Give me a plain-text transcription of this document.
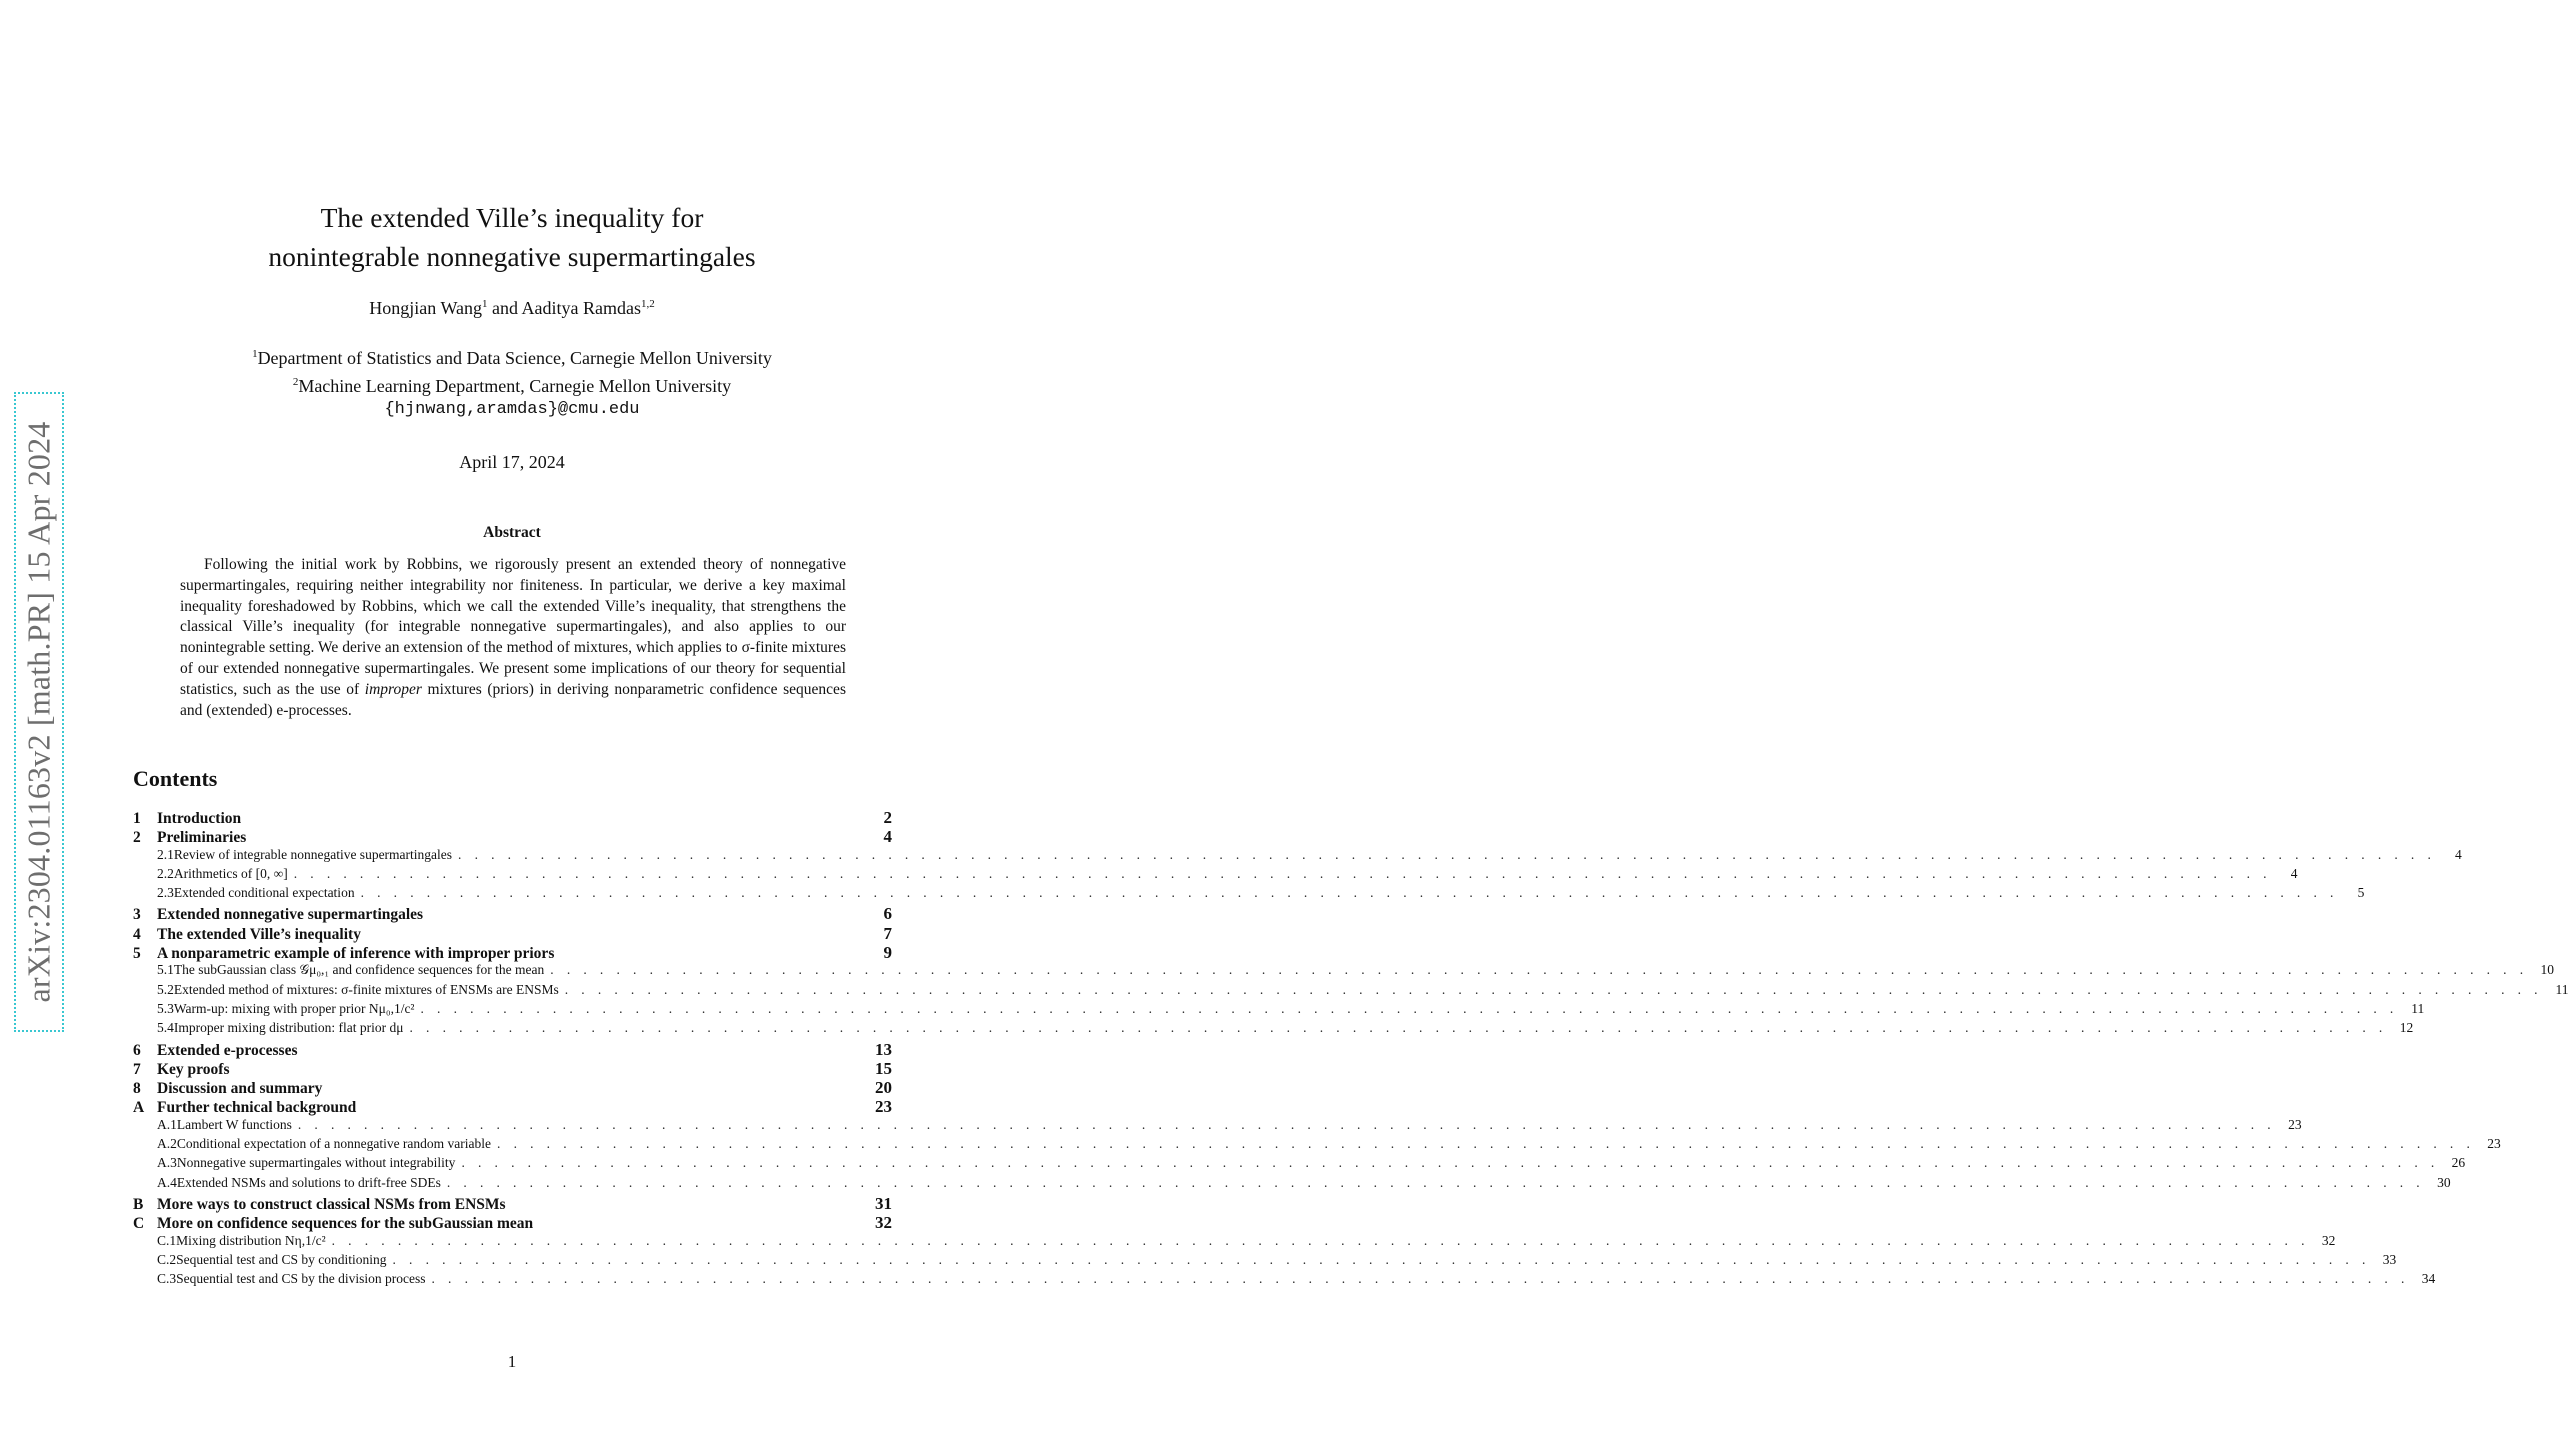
arXiv:2304.01163v2 [math.PR] 15 Apr 2024
The extended Ville’s inequality for
nonintegrable nonnegative supermartingales
Hongjian Wang$^1$ and Aaditya Ramdas$^{1,2}$
$^1$Department of Statistics and Data Science, Carnegie Mellon University
$^2$Machine Learning Department, Carnegie Mellon University
{hjnwang,aramdas}@cmu.edu
April 17, 2024
Abstract
Following the initial work by Robbins, we rigorously present an extended theory of nonnegative supermartingales, requiring neither integrability nor finiteness. In particular, we derive a key maximal inequality foreshadowed by Robbins, which we call the extended Ville’s inequality, that strengthens the classical Ville’s inequality (for integrable nonnegative supermartingales), and also applies to our nonintegrable setting. We derive an extension of the method of mixtures, which applies to σ-finite mixtures of our extended nonnegative supermartingales. We present some implications of our theory for sequential statistics, such as the use of improper mixtures (priors) in deriving nonparametric confidence sequences and (extended) e-processes.
Contents
1	Introduction	2
2	Preliminaries	4
2.1 Review of integrable nonnegative supermartingales . . . . . . . . . . . . . . . . . . . . . . . . . . . . . . . . . . . . . . . . . . . . . . . . . . . . . . . . . . . . . . . . . . . . . . . . . . . . . . . . . . . . . . . . . . . . . . . . . . . . . . . . . . . . . . . . . . . . . . . .	4
2.2 Arithmetics of [0, ∞] . . . . . . . . . . . . . . . . . . . . . . . . . . . . . . . . . . . . . . . . . . . . . . . . . . . . . . . . . . . . . . . . . . . . . . . . . . . . . . . . . . . . . . . . . . . . . . . . . . . . . . . . . . . . . . . . . . . . . . . .	4
2.3 Extended conditional expectation . . . . . . . . . . . . . . . . . . . . . . . . . . . . . . . . . . . . . . . . . . . . . . . . . . . . . . . . . . . . . . . . . . . . . . . . . . . . . . . . . . . . . . . . . . . . . . . . . . . . . . . . . . . . . . . . . . . . . . . .	5
3	Extended nonnegative supermartingales	6
4	The extended Ville’s inequality	7
5	A nonparametric example of inference with improper priors	9
5.1 The subGaussian class 𝒢μ₀,₁ and confidence sequences for the mean . . . . . . . . . . . . . . . . . . . . . . . . . . . . . . . . . . . . . . . . . . . . . . . . . . . . . . . . . . . . . . . . . . . . . . . . . . . . . . . . . . . . . . . . . . . . . . . . . . . . . . . . . . . . . . . . . . . . . . . . 10
5.2 Extended method of mixtures: σ-finite mixtures of ENSMs are ENSMs . . . . . . . . . . . . . . . . . . . . . . . . . . . . . . . . . . . . . . . . . . . . . . . . . . . . . . . . . . . . . . . . . . . . . . . . . . . . . . . . . . . . . . . . . . . . . . . . . . . . . . . . . . . . . . . . . . . . . . . . 11
5.3 Warm-up: mixing with proper prior Nμ₀,1/c² . . . . . . . . . . . . . . . . . . . . . . . . . . . . . . . . . . . . . . . . . . . . . . . . . . . . . . . . . . . . . . . . . . . . . . . . . . . . . . . . . . . . . . . . . . . . . . . . . . . . . . . . . . . . . . . . . . . . . . . . 11
5.4 Improper mixing distribution: flat prior dμ . . . . . . . . . . . . . . . . . . . . . . . . . . . . . . . . . . . . . . . . . . . . . . . . . . . . . . . . . . . . . . . . . . . . . . . . . . . . . . . . . . . . . . . . . . . . . . . . . . . . . . . . . . . . . . . . . . . . . . . . 12
6	Extended e-processes	13
7	Key proofs	15
8	Discussion and summary	20
A Further technical background	23
A.1 Lambert W functions . . . . . . . . . . . . . . . . . . . . . . . . . . . . . . . . . . . . . . . . . . . . . . . . . . . . . . . . . . . . . . . . . . . . . . . . . . . . . . . . . . . . . . . . . . . . . . . . . . . . . . . . . . . . . . . . . . . . . . . . 23
A.2 Conditional expectation of a nonnegative random variable . . . . . . . . . . . . . . . . . . . . . . . . . . . . . . . . . . . . . . . . . . . . . . . . . . . . . . . . . . . . . . . . . . . . . . . . . . . . . . . . . . . . . . . . . . . . . . . . . . . . . . . . . . . . . . . . . . . . . . . . 23
A.3 Nonnegative supermartingales without integrability . . . . . . . . . . . . . . . . . . . . . . . . . . . . . . . . . . . . . . . . . . . . . . . . . . . . . . . . . . . . . . . . . . . . . . . . . . . . . . . . . . . . . . . . . . . . . . . . . . . . . . . . . . . . . . . . . . . . . . . . 26
A.4 Extended NSMs and solutions to drift-free SDEs . . . . . . . . . . . . . . . . . . . . . . . . . . . . . . . . . . . . . . . . . . . . . . . . . . . . . . . . . . . . . . . . . . . . . . . . . . . . . . . . . . . . . . . . . . . . . . . . . . . . . . . . . . . . . . . . . . . . . . . . 30
B More ways to construct classical NSMs from ENSMs	31
C More on confidence sequences for the subGaussian mean	32
C.1 Mixing distribution Nη,1/c² . . . . . . . . . . . . . . . . . . . . . . . . . . . . . . . . . . . . . . . . . . . . . . . . . . . . . . . . . . . . . . . . . . . . . . . . . . . . . . . . . . . . . . . . . . . . . . . . . . . . . . . . . . . . . . . . . . . . . . . . 32
C.2 Sequential test and CS by conditioning . . . . . . . . . . . . . . . . . . . . . . . . . . . . . . . . . . . . . . . . . . . . . . . . . . . . . . . . . . . . . . . . . . . . . . . . . . . . . . . . . . . . . . . . . . . . . . . . . . . . . . . . . . . . . . . . . . . . . . . . 33
C.3 Sequential test and CS by the division process . . . . . . . . . . . . . . . . . . . . . . . . . . . . . . . . . . . . . . . . . . . . . . . . . . . . . . . . . . . . . . . . . . . . . . . . . . . . . . . . . . . . . . . . . . . . . . . . . . . . . . . . . . . . . . . . . . . . . . . . 34
1
